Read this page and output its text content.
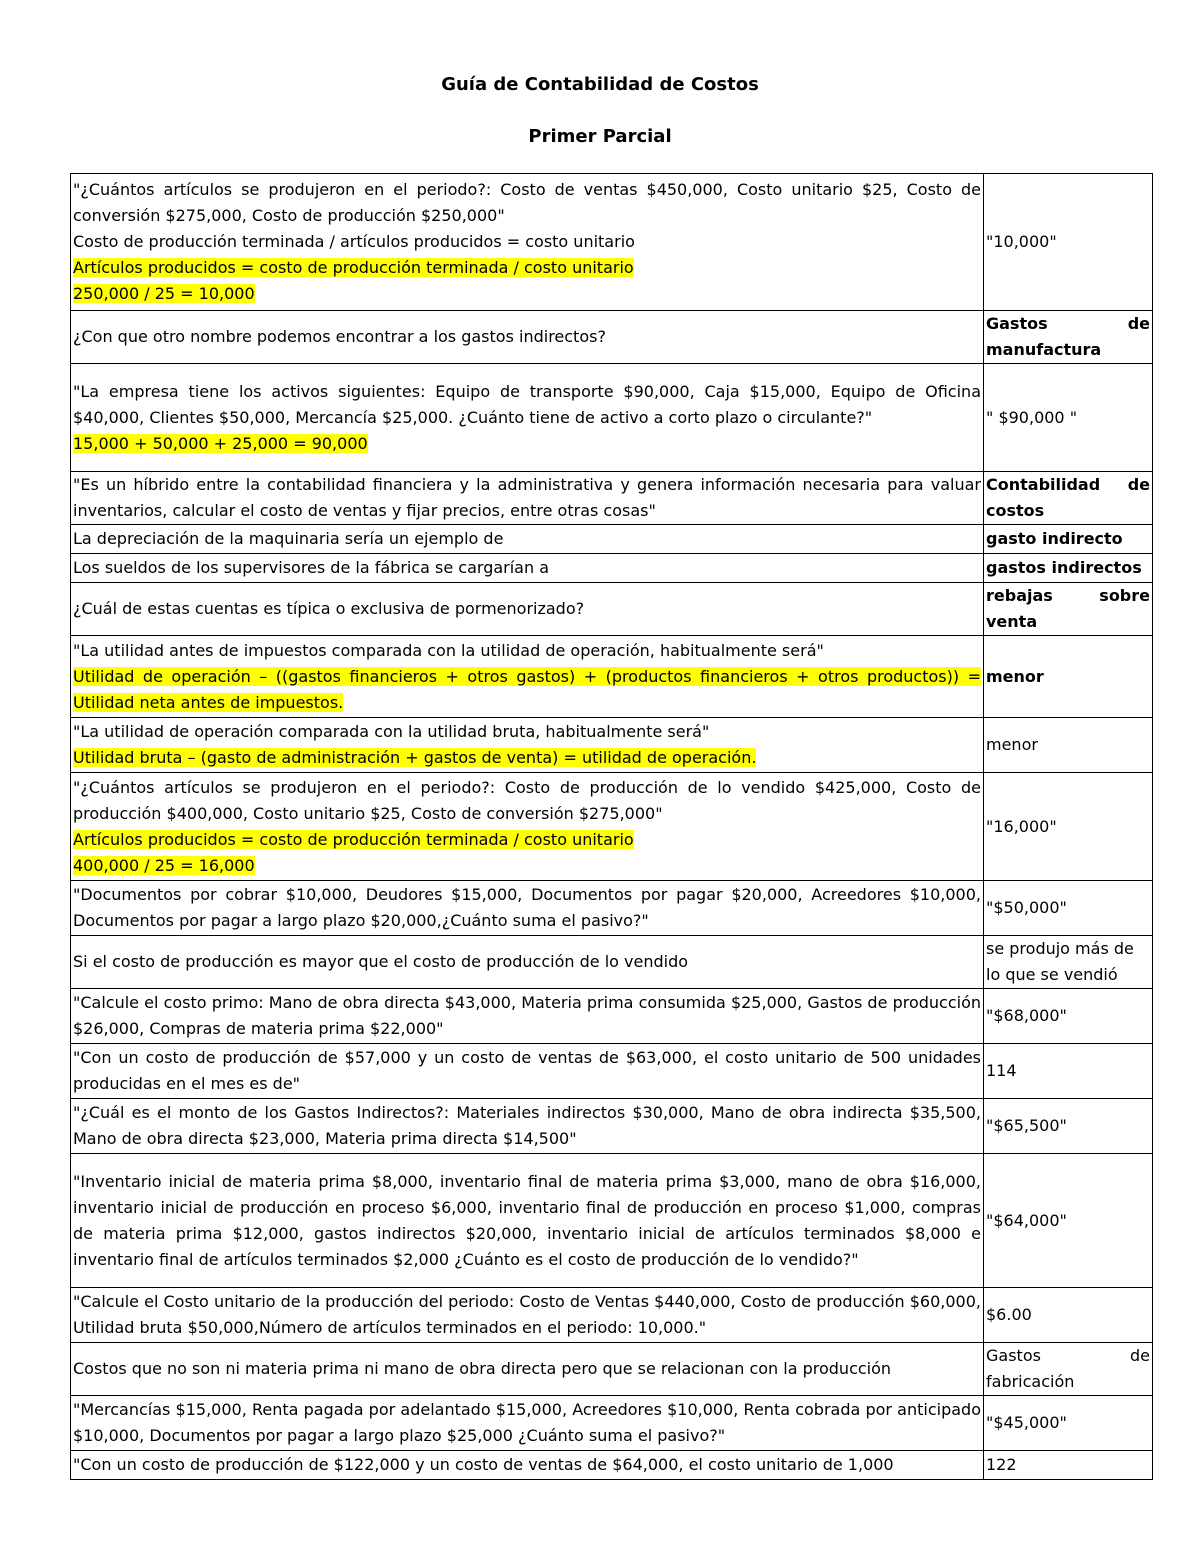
Guía de Contabilidad de Costos
Primer Parcial
"¿Cuántos artículos se produjeron en el periodo?: Costo de ventas $450,000, Costo unitario $25, Costo de conversión $275,000, Costo de producción $250,000"
Costo de producción terminada / artículos producidos = costo unitario
Artículos producidos = costo de producción terminada / costo unitario
250,000 / 25 = 10,000	"10,000"

¿Con que otro nombre podemos encontrar a los gastos indirectos?	Gastos de manufactura

"La empresa tiene los activos siguientes: Equipo de transporte $90,000, Caja $15,000, Equipo de Oficina $40,000, Clientes $50,000, Mercancía $25,000. ¿Cuánto tiene de activo a corto plazo o circulante?"
15,000 + 50,000 + 25,000 = 90,000	" $90,000 "

"Es un híbrido entre la contabilidad financiera y la administrativa y genera información necesaria para valuar inventarios, calcular el costo de ventas y fijar precios, entre otras cosas"	Contabilidad de costos

La depreciación de la maquinaria sería un ejemplo de	gasto indirecto

Los sueldos de los supervisores de la fábrica se cargarían a	gastos indirectos

¿Cuál de estas cuentas es típica o exclusiva de pormenorizado?	rebajas sobre venta

"La utilidad antes de impuestos comparada con la utilidad de operación, habitualmente será"
Utilidad de operación – ((gastos financieros + otros gastos) + (productos financieros + otros productos)) = Utilidad neta antes de impuestos.	menor

"La utilidad de operación comparada con la utilidad bruta, habitualmente será"
Utilidad bruta – (gasto de administración + gastos de venta) = utilidad de operación.	menor

"¿Cuántos artículos se produjeron en el periodo?: Costo de producción de lo vendido $425,000, Costo de producción $400,000, Costo unitario $25, Costo de conversión $275,000"
Artículos producidos = costo de producción terminada / costo unitario
400,000 / 25 = 16,000	"16,000"

"Documentos por cobrar $10,000, Deudores $15,000, Documentos por pagar $20,000, Acreedores $10,000, Documentos por pagar a largo plazo $20,000,¿Cuánto suma el pasivo?"	"$50,000"

Si el costo de producción es mayor que el costo de producción de lo vendido	se produjo más de lo que se vendió

"Calcule el costo primo: Mano de obra directa $43,000, Materia prima consumida $25,000, Gastos de producción $26,000, Compras de materia prima $22,000"	"$68,000"

"Con un costo de producción de $57,000 y un costo de ventas de $63,000, el costo unitario de 500 unidades producidas en el mes es de"	114

"¿Cuál es el monto de los Gastos Indirectos?: Materiales indirectos $30,000, Mano de obra indirecta $35,500, Mano de obra directa $23,000, Materia prima directa $14,500"	"$65,500"

"Inventario inicial de materia prima $8,000, inventario final de materia prima $3,000, mano de obra $16,000, inventario inicial de producción en proceso $6,000, inventario final de producción en proceso $1,000, compras de materia prima $12,000, gastos indirectos $20,000, inventario inicial de artículos terminados $8,000 e inventario final de artículos terminados $2,000 ¿Cuánto es el costo de producción de lo vendido?"	"$64,000"

"Calcule el Costo unitario de la producción del periodo: Costo de Ventas $440,000, Costo de producción $60,000, Utilidad bruta $50,000,Número de artículos terminados en el periodo: 10,000."	$6.00

Costos que no son ni materia prima ni mano de obra directa pero que se relacionan con la producción	Gastos de fabricación

"Mercancías $15,000, Renta pagada por adelantado $15,000, Acreedores $10,000, Renta cobrada por anticipado $10,000, Documentos por pagar a largo plazo $25,000 ¿Cuánto suma el pasivo?"	"$45,000"

"Con un costo de producción de $122,000 y un costo de ventas de $64,000, el costo unitario de 1,000	122
